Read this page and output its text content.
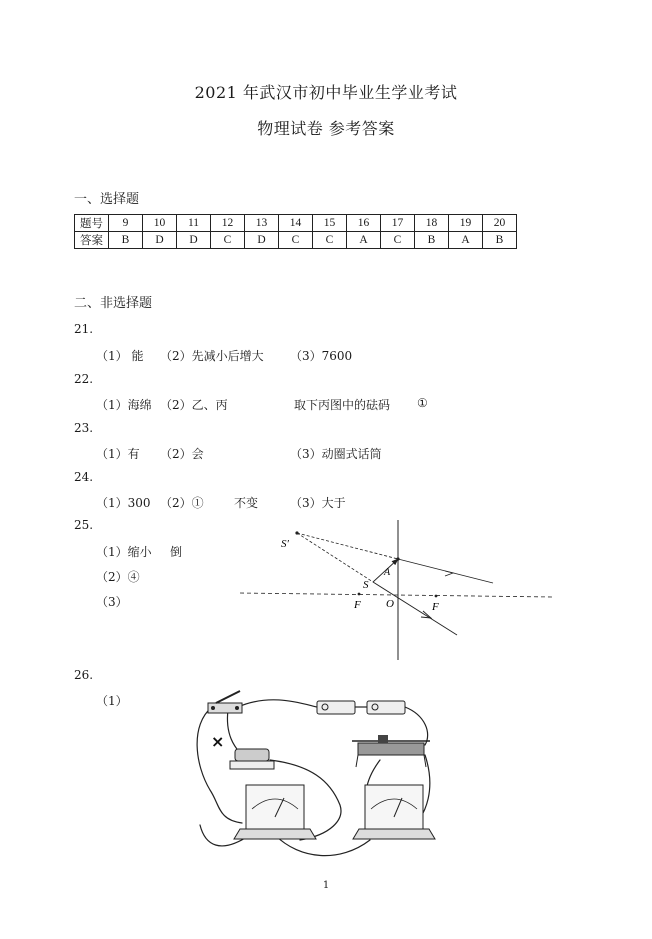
2021 年武汉市初中毕业生学业考试
物理试卷 参考答案
一、选择题
题号	9	10	11	12	13	14	15	16	17	18	19	20
答案	B	D	D	C	D	C	C	A	C	B	A	B
二、非选择题
21.
（1） 能 （2）先减小后增大 （3）7600
22.
（1）海绵 （2）乙、丙	取下丙图中的砝码 ①
23.
（1）有 （2）会	（3）动圈式话筒
24.
（1）300 （2）①	不变	（3）大于
25.
（1）缩小 倒
（2）④
（3）
S′
S
A
O
F	F
26.
（1）
×
1
